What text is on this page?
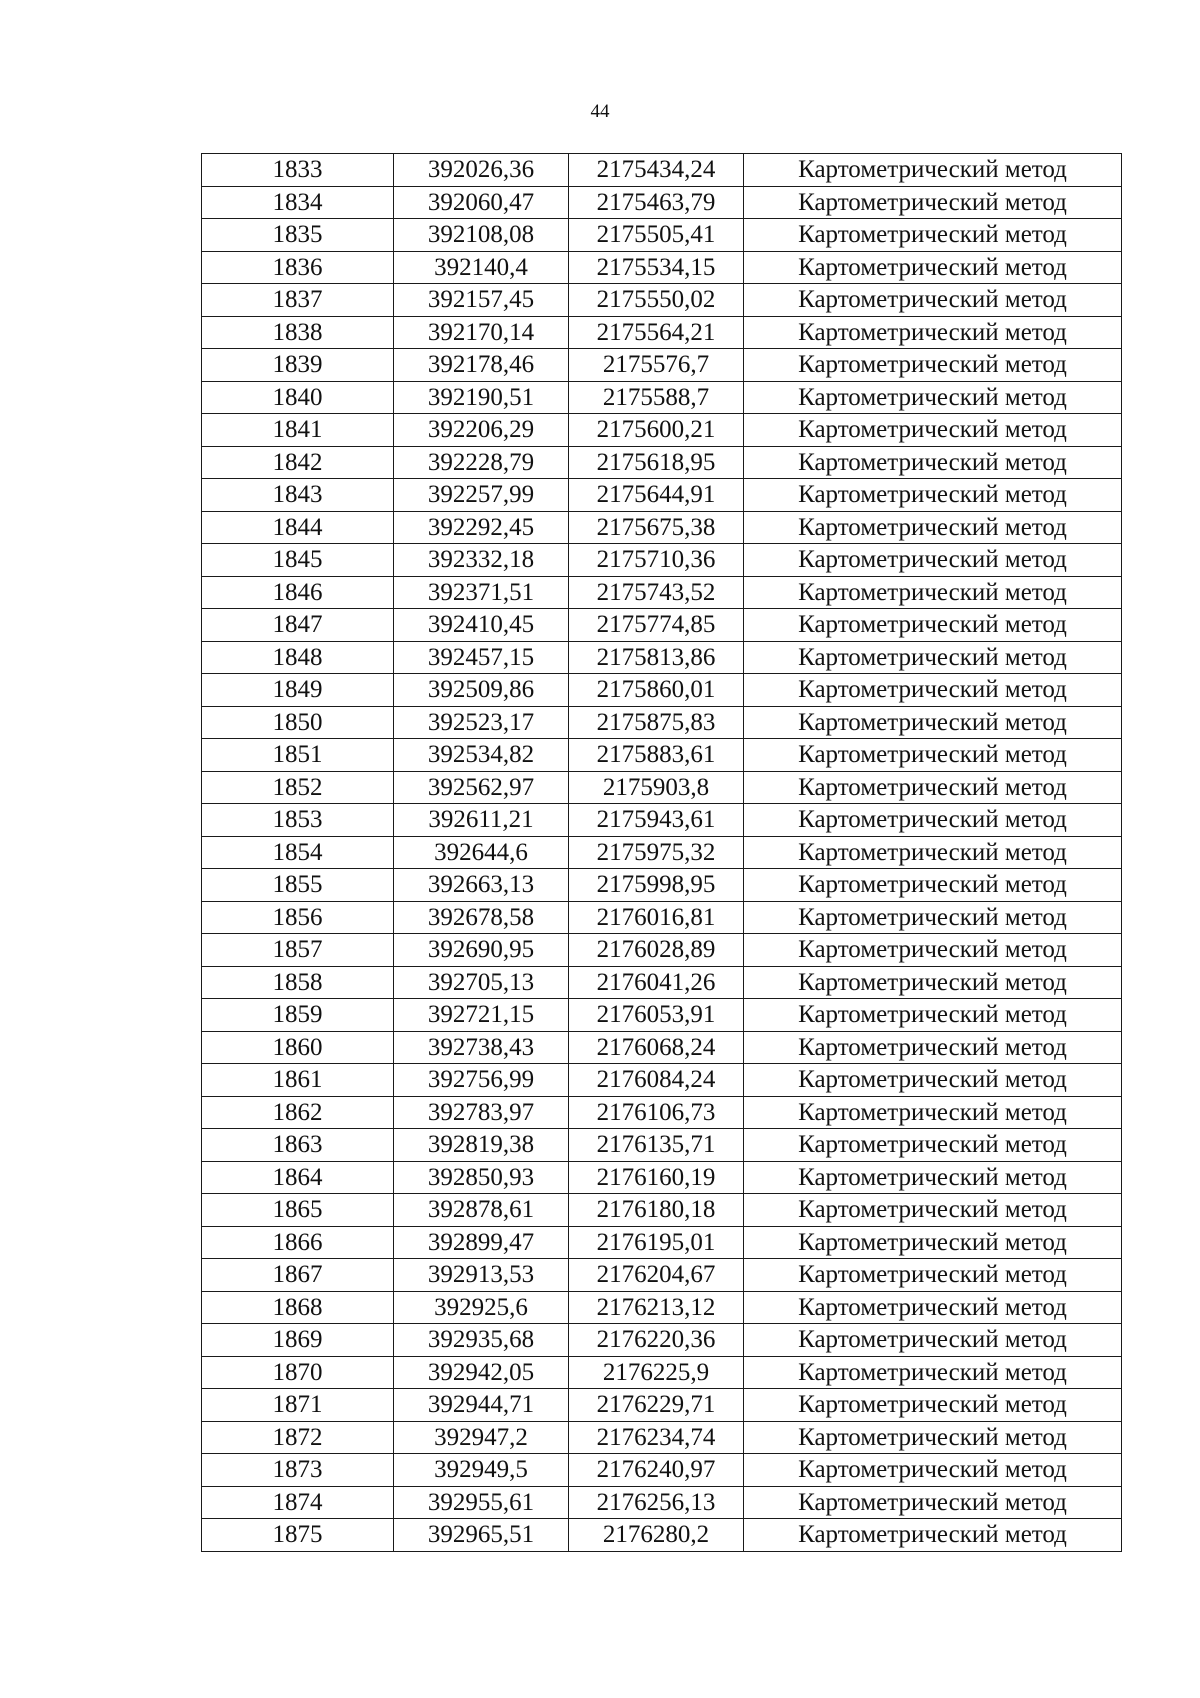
44
1833	392026,36	2175434,24	Картометрический метод
1834	392060,47	2175463,79	Картометрический метод
1835	392108,08	2175505,41	Картометрический метод
1836	392140,4	2175534,15	Картометрический метод
1837	392157,45	2175550,02	Картометрический метод
1838	392170,14	2175564,21	Картометрический метод
1839	392178,46	2175576,7	Картометрический метод
1840	392190,51	2175588,7	Картометрический метод
1841	392206,29	2175600,21	Картометрический метод
1842	392228,79	2175618,95	Картометрический метод
1843	392257,99	2175644,91	Картометрический метод
1844	392292,45	2175675,38	Картометрический метод
1845	392332,18	2175710,36	Картометрический метод
1846	392371,51	2175743,52	Картометрический метод
1847	392410,45	2175774,85	Картометрический метод
1848	392457,15	2175813,86	Картометрический метод
1849	392509,86	2175860,01	Картометрический метод
1850	392523,17	2175875,83	Картометрический метод
1851	392534,82	2175883,61	Картометрический метод
1852	392562,97	2175903,8	Картометрический метод
1853	392611,21	2175943,61	Картометрический метод
1854	392644,6	2175975,32	Картометрический метод
1855	392663,13	2175998,95	Картометрический метод
1856	392678,58	2176016,81	Картометрический метод
1857	392690,95	2176028,89	Картометрический метод
1858	392705,13	2176041,26	Картометрический метод
1859	392721,15	2176053,91	Картометрический метод
1860	392738,43	2176068,24	Картометрический метод
1861	392756,99	2176084,24	Картометрический метод
1862	392783,97	2176106,73	Картометрический метод
1863	392819,38	2176135,71	Картометрический метод
1864	392850,93	2176160,19	Картометрический метод
1865	392878,61	2176180,18	Картометрический метод
1866	392899,47	2176195,01	Картометрический метод
1867	392913,53	2176204,67	Картометрический метод
1868	392925,6	2176213,12	Картометрический метод
1869	392935,68	2176220,36	Картометрический метод
1870	392942,05	2176225,9	Картометрический метод
1871	392944,71	2176229,71	Картометрический метод
1872	392947,2	2176234,74	Картометрический метод
1873	392949,5	2176240,97	Картометрический метод
1874	392955,61	2176256,13	Картометрический метод
1875	392965,51	2176280,2	Картометрический метод
